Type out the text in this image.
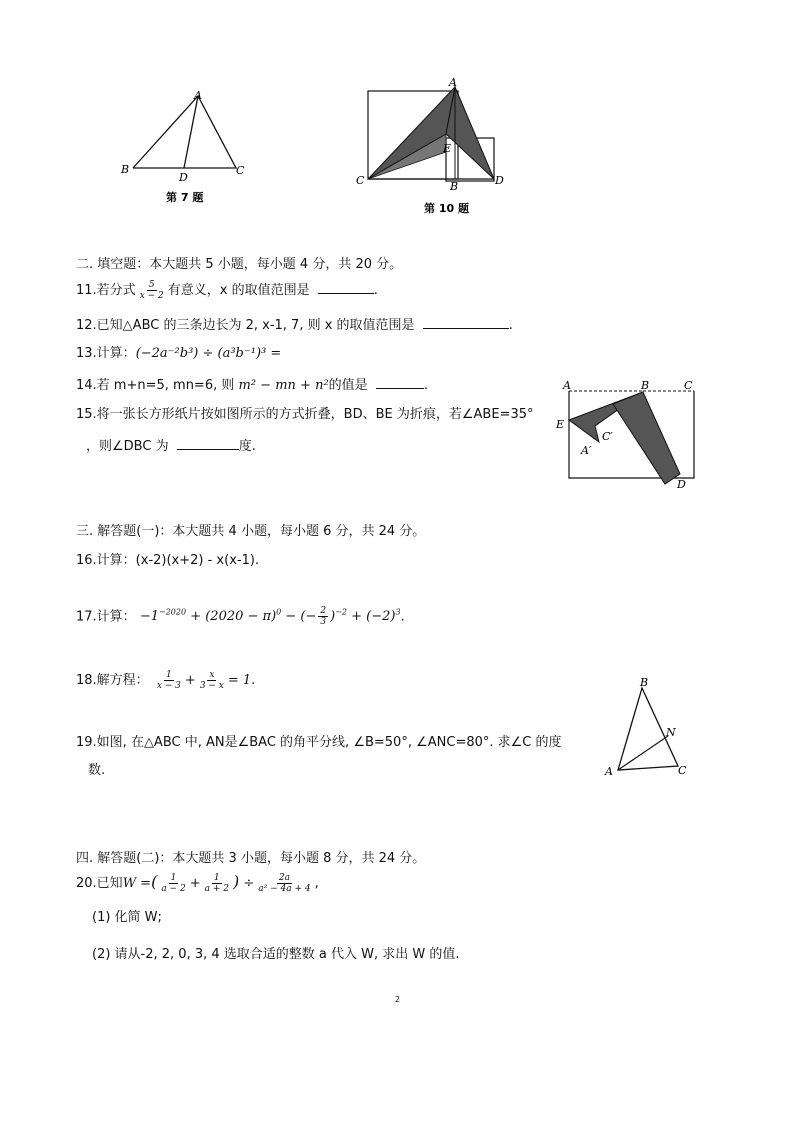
A
B	C
D
第 7 题
A
E
C	B	D
第 10 题
二. 填空题：本大题共 5 小题，每小题 4 分，共 20 分。
11.若分式 $\frac{5}{x - 2}$ 有意义，x 的取值范围是	.
12.已知△ABC 的三条边长为 2, x-1, 7, 则 x 的取值范围是	.
13.计算：(−2a⁻²b³) ÷ (a³b⁻¹)³ =
14.若 m+n=5, mn=6, 则 m² − mn + n²的值是	.
15.将一张长方形纸片按如图所示的方式折叠，BD、BE 为折痕，若∠ABE=35°
，则∠DBC 为	度.
A	B	C
E
C′
A′
D
三. 解答题(一)：本大题共 4 小题，每小题 6 分，共 24 分。
16.计算：(x-2)(x+2) - x(x-1).
17.计算： $-1^{-2020} + (2020 - \pi)^0$ − (− $\frac{2}{3} )^{-2} + (-2)^3$.
18.解方程： $\frac{1}{x - 3} + \frac{x}{3 - x} = 1$.
19.如图, 在△ABC 中, AN是∠BAC 的角平分线, ∠B=50°, ∠ANC=80°. 求∠C 的度
数.
B
N
A	C
四. 解答题(二)：本大题共 3 小题，每小题 8 分，共 24 分。
20.已知W =( $\frac{1}{a - 2} + \frac{1}{a + 2}$ ) ÷ $\frac{2a}{\text{a² − 4a + 4}}$ ,
(1) 化简 W;
(2) 请从-2, 2, 0, 3, 4 选取合适的整数 a 代入 W, 求出 W 的值.
2
